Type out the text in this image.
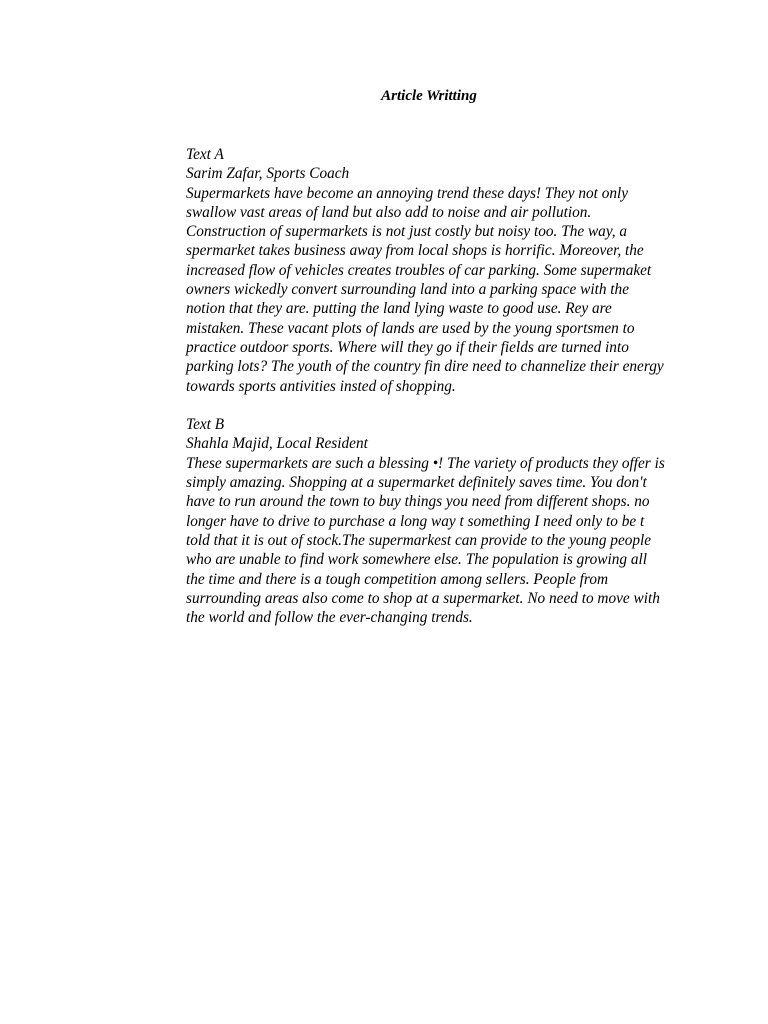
Article Writting
Text A
Sarim Zafar, Sports Coach
Supermarkets have become an annoying trend these days! They not only
swallow vast areas of land but also add to noise and air pollution.
Construction of supermarkets is not just costly but noisy too. The way, a
spermarket takes business away from local shops is horrific. Moreover, the
increased flow of vehicles creates troubles of car parking. Some supermaket
owners wickedly convert surrounding land into a parking space with the
notion that they are. putting the land lying waste to good use. Rey are
mistaken. These vacant plots of lands are used by the young sportsmen to
practice outdoor sports. Where will they go if their fields are turned into
parking lots? The youth of the country fin dire need to channelize their energy
towards sports antivities insted of shopping.
Text B
Shahla Majid, Local Resident
These supermarkets are such a blessing •! The variety of products they offer is
simply amazing. Shopping at a supermarket definitely saves time. You don't
have to run around the town to buy things you need from different shops. no
longer have to drive to purchase a long way t something I need only to be t
told that it is out of stock.The supermarkest can provide to the young people
who are unable to find work somewhere else. The population is growing all
the time and there is a tough competition among sellers. People from
surrounding areas also come to shop at a supermarket. No need to move with
the world and follow the ever-changing trends.
